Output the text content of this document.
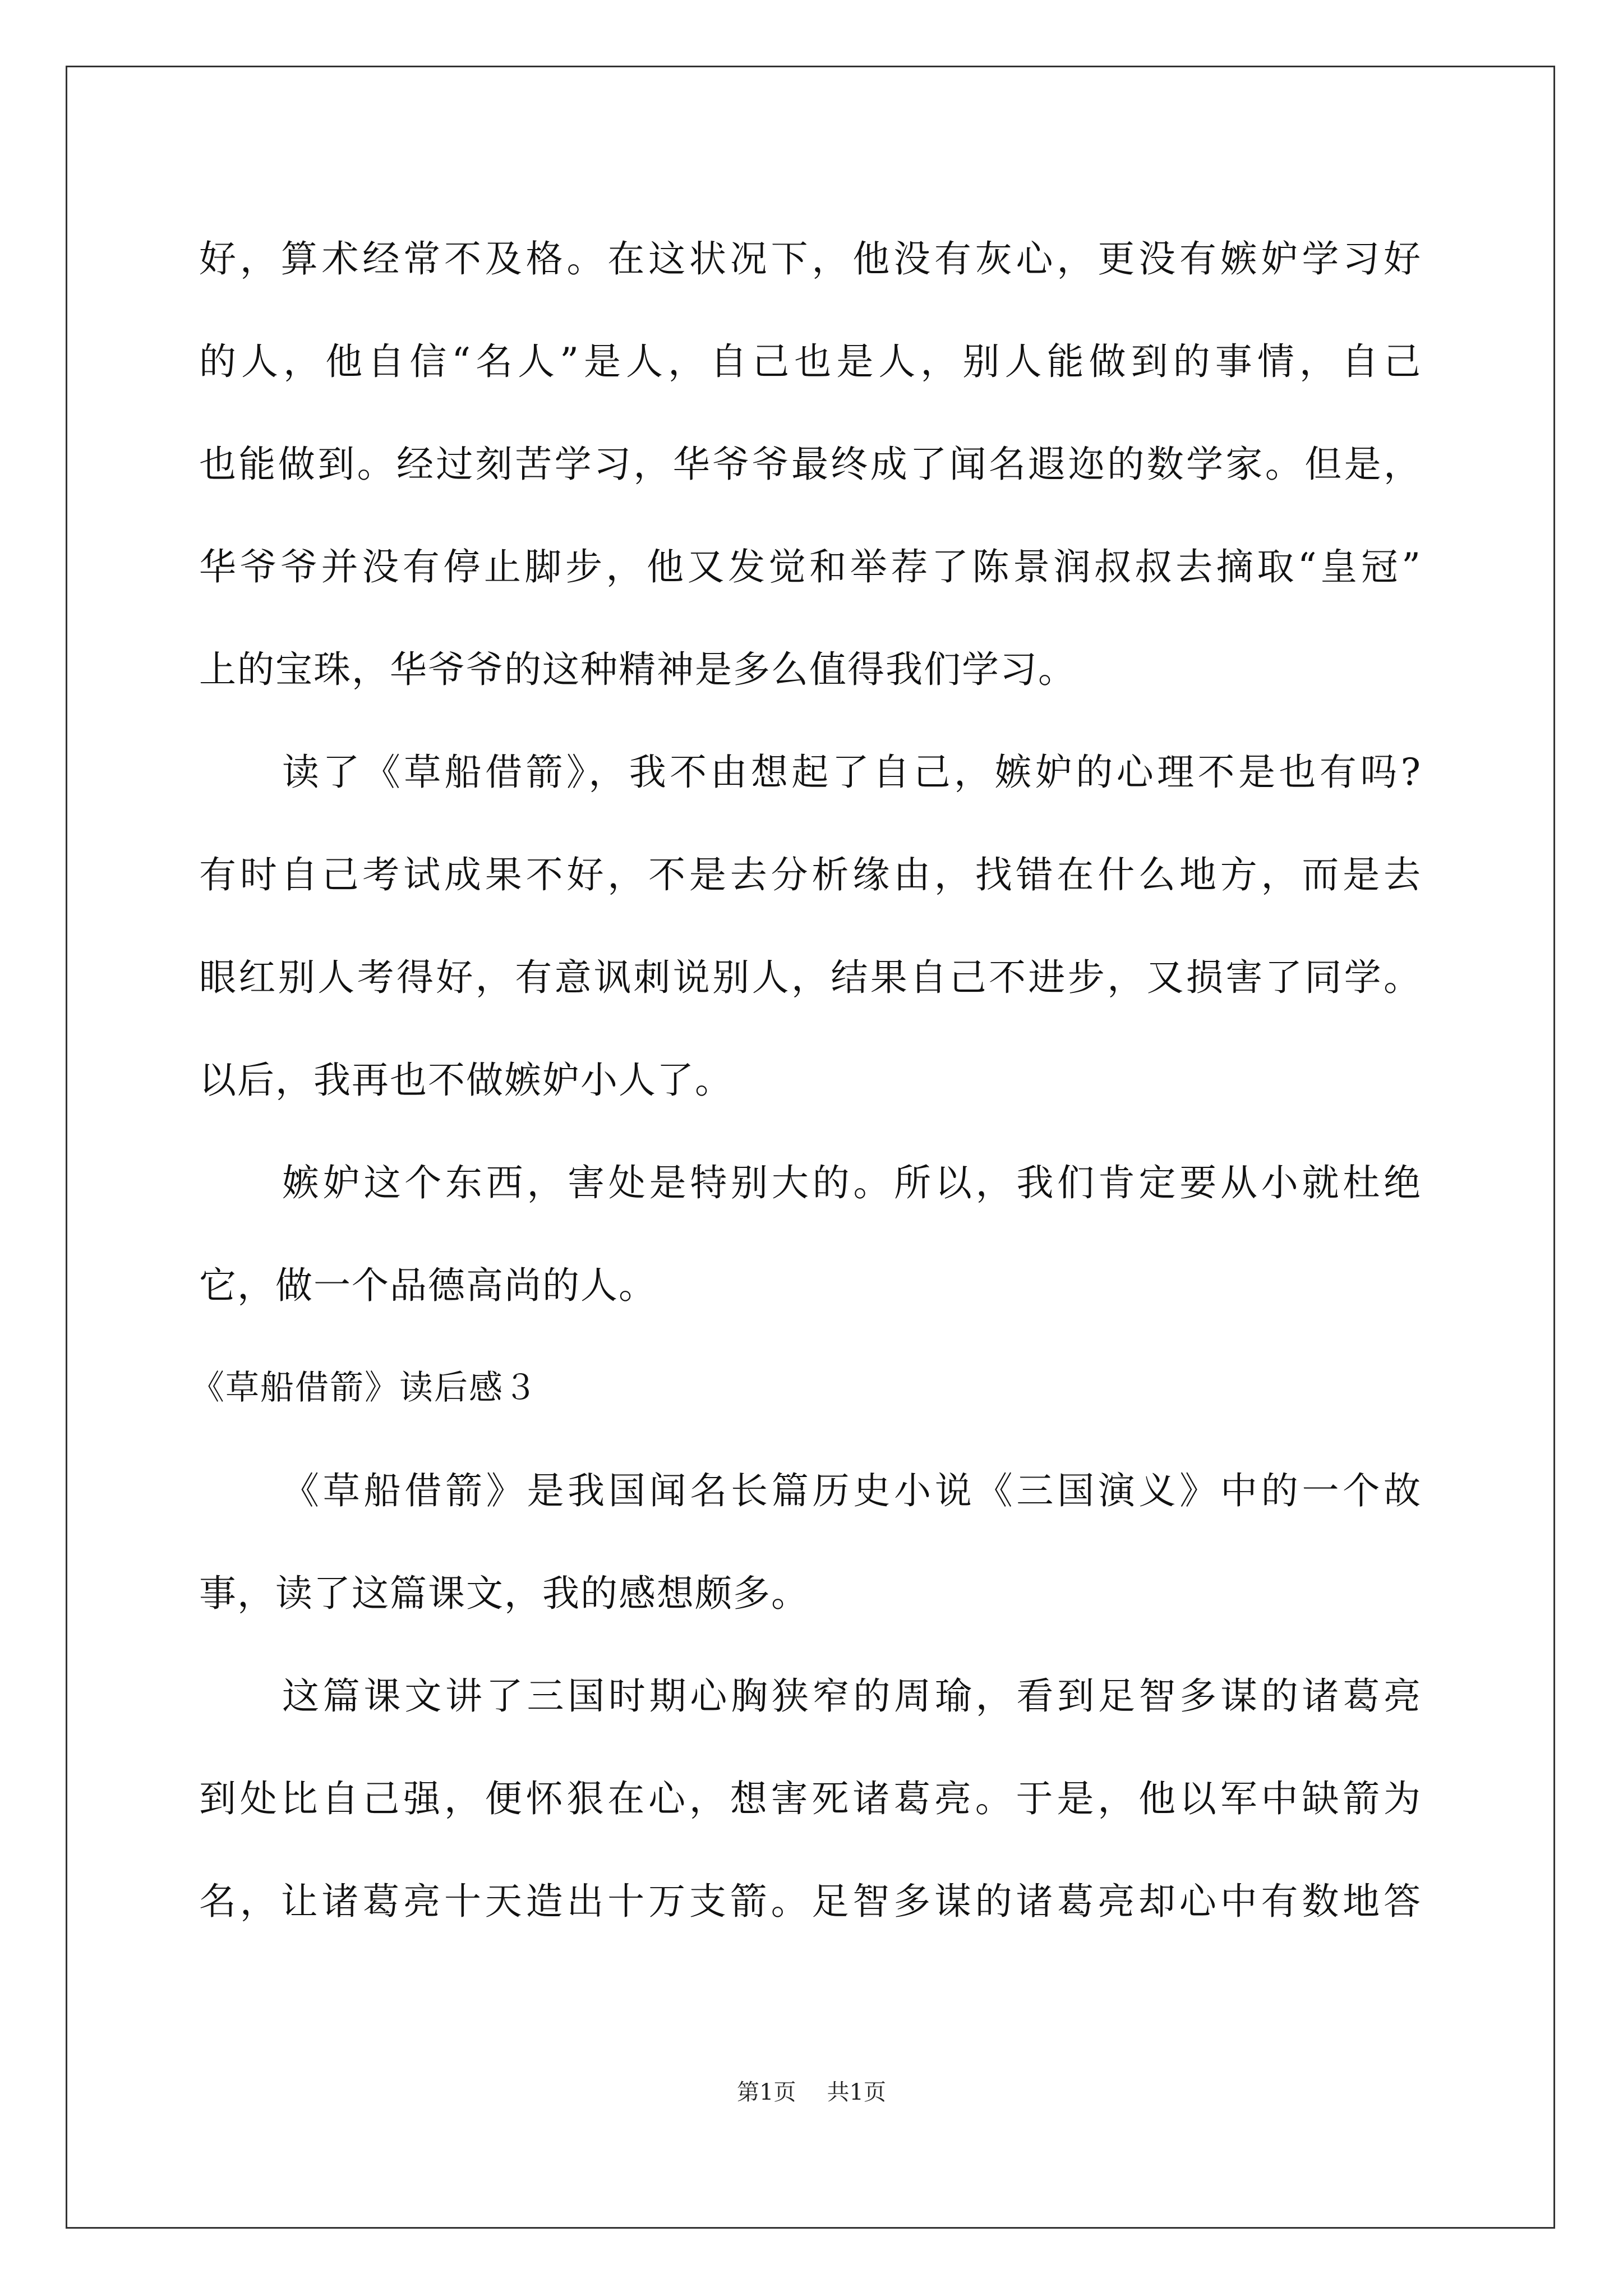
好，算术经常不及格。在这状况下，他没有灰心，更没有嫉妒学习好
的人，他自信“名人”是人，自己也是人，别人能做到的事情，自己
也能做到。经过刻苦学习，华爷爷最终成了闻名遐迩的数学家。但是，
华爷爷并没有停止脚步，他又发觉和举荐了陈景润叔叔去摘取“皇冠”
上的宝珠，华爷爷的这种精神是多么值得我们学习。
读了《草船借箭》，我不由想起了自己，嫉妒的心理不是也有吗?
有时自己考试成果不好，不是去分析缘由，找错在什么地方，而是去
眼红别人考得好，有意讽刺说别人，结果自己不进步，又损害了同学。
以后，我再也不做嫉妒小人了。
嫉妒这个东西，害处是特别大的。所以，我们肯定要从小就杜绝
它，做一个品德高尚的人。
《草船借箭》读后感３
《草船借箭》是我国闻名长篇历史小说《三国演义》中的一个故
事，读了这篇课文，我的感想颇多。
这篇课文讲了三国时期心胸狭窄的周瑜，看到足智多谋的诸葛亮
到处比自己强，便怀狠在心，想害死诸葛亮。于是，他以军中缺箭为
名，让诸葛亮十天造出十万支箭。足智多谋的诸葛亮却心中有数地答
第1页 共1页
